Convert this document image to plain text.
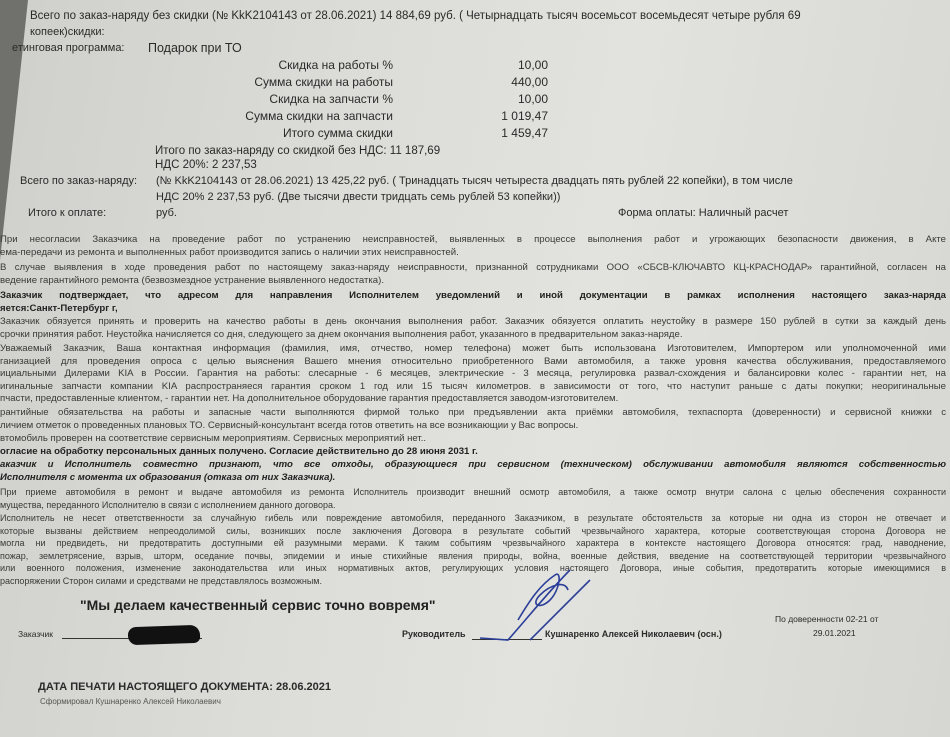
Всего по заказ-наряду без скидки (№ KkK2104143 от 28.06.2021) 14 884,69 руб. ( Четырнадцать тысяч восемьсот восемьдесят четыре рубля 69
копеек)скидки:
етинговая программа: Подарок при ТО
Скидка на работы %	10,00
Сумма скидки на работы	440,00
Скидка на запчасти %	10,00
Сумма скидки на запчасти	1 019,47
Итого сумма скидки	1 459,47
Итого по заказ-наряду со скидкой без НДС: 11 187,69
НДС 20%: 2 237,53
Всего по заказ-наряду: (№ KkK2104143 от 28.06.2021) 13 425,22 руб. ( Тринадцать тысяч четыреста двадцать пять рублей 22 копейки), в том числе
НДС 20% 2 237,53 руб. (Две тысячи двести тридцать семь рублей 53 копейки))
Итого к оплате:	руб.	Форма оплаты: Наличный расчет
При несогласии Заказчика на проведение работ по устранению неисправностей, выявленных в процессе выполнения работ и угрожающих безопасности движения, в Акте
ема-передачи из ремонта и выполненных работ производится запись о наличии этих неисправностей.
В случае выявления в ходе проведения работ по настоящему заказ-наряду неисправности, признанной сотрудниками ООО «СБСВ-КЛЮЧАВТО КЦ-КРАСНОДАР» гарантийной, согласен на
ведение гарантийного ремонта (безвозмездное устранение выявленного недостатка).
Заказчик подтверждает, что адресом для направления Исполнителем уведомлений и иной документации в рамках исполнения настоящего заказ-наряда
яется:Санкт-Петербург г,
Заказчик обязуется принять и проверить на качество работы в день окончания выполнения работ. Заказчик обязуется оплатить неустойку в размере 150 рублей в сутки за каждый день
срочки принятия работ. Неустойка начисляется со дня, следующего за днем окончания выполнения работ, указанного в предварительном заказ-наряде.
Уважаемый Заказчик, Ваша контактная информация (фамилия, имя, отчество, номер телефона) может быть использована Изготовителем, Импортером или уполномоченной ими
ганизацией для проведения опроса с целью выяснения Вашего мнения относительно приобретенного Вами автомобиля, а также уровня качества обслуживания, предоставляемого
ициальными Дилерами KIA в России. Гарантия на работы: слесарные - 6 месяцев, электрические - 3 месяца, регулировка развал-схождения и балансировки колес - гарантии нет, на
игинальные запчасти компании KIA распространяеся гарантия сроком 1 год или 15 тысяч километров. в зависимости от того, что наступит раньше с даты покупки; неоригинальные
пчасти, предоставленные клиентом, - гарантии нет. На дополнительное оборудование гарантия предоставляется заводом-изготовителем.
рантийные обязательства на работы и запасные части выполняются фирмой только при предъявлении акта приёмки автомобиля, техпаспорта (доверенности) и сервисной книжки с
личием отметок о проведенных плановых ТО. Сервисный-консультант всегда готов ответить на все возникающии у Вас вопросы.
втомобиль проверен на соответствие сервисным мероприятиям. Сервисных мероприятий нет..
огласие на обработку персональных данных получено. Согласие действительно до 28 июня 2031 г.
аказчик и Исполнитель совместно признают, что все отходы, образующиеся при сервисном (техническом) обслуживании автомобиля являются собственностью
Исполнителя с момента их образования (отказа от них Заказчика).
При приеме автомобиля в ремонт и выдаче автомобиля из ремонта Исполнитель производит внешний осмотр автомобиля, а также осмотр внутри салона с целью обеспечения сохранности
мущества, переданного Исполнителю в связи с исполнением данного договора.
Исполнитель не несет ответственности за случайную гибель или повреждение автомобиля, переданного Заказчиком, в результате обстоятельств за которые ни одна из сторон не отвечает и
которые вызваны действием непреодолимой силы, возникших после заключения Договора в результате событий чрезвычайного характера, которые соответствующая сторона Договора не
могла ни предвидеть, ни предотвратить доступными ей разумными мерами. К таким событиям чрезвычайного характера в контексте настоящего Договора относятся: град, наводнение,
пожар, землетрясение, взрыв, шторм, оседание почвы, эпидемии и иные стихийные явления природы, война, военные действия, введение на соответствующей территории чрезвычайного
или военного положения, изменение законодательства или иных нормативных актов, регулирующих условия настоящего Договора, иные события, предотвратить которые имеющимися в
распоряжении Сторон силами и средствами не представлялось возможным.
"Мы делаем качественный сервис точно вовремя"
Заказчик	Руководитель	Кушнаренко Алексей Николаевич (осн.)
По доверенности 02-21 от
29.01.2021
ДАТА ПЕЧАТИ НАСТОЯЩЕГО ДОКУМЕНТА: 28.06.2021
Сформировал Кушнаренко Алексей Николаевич
